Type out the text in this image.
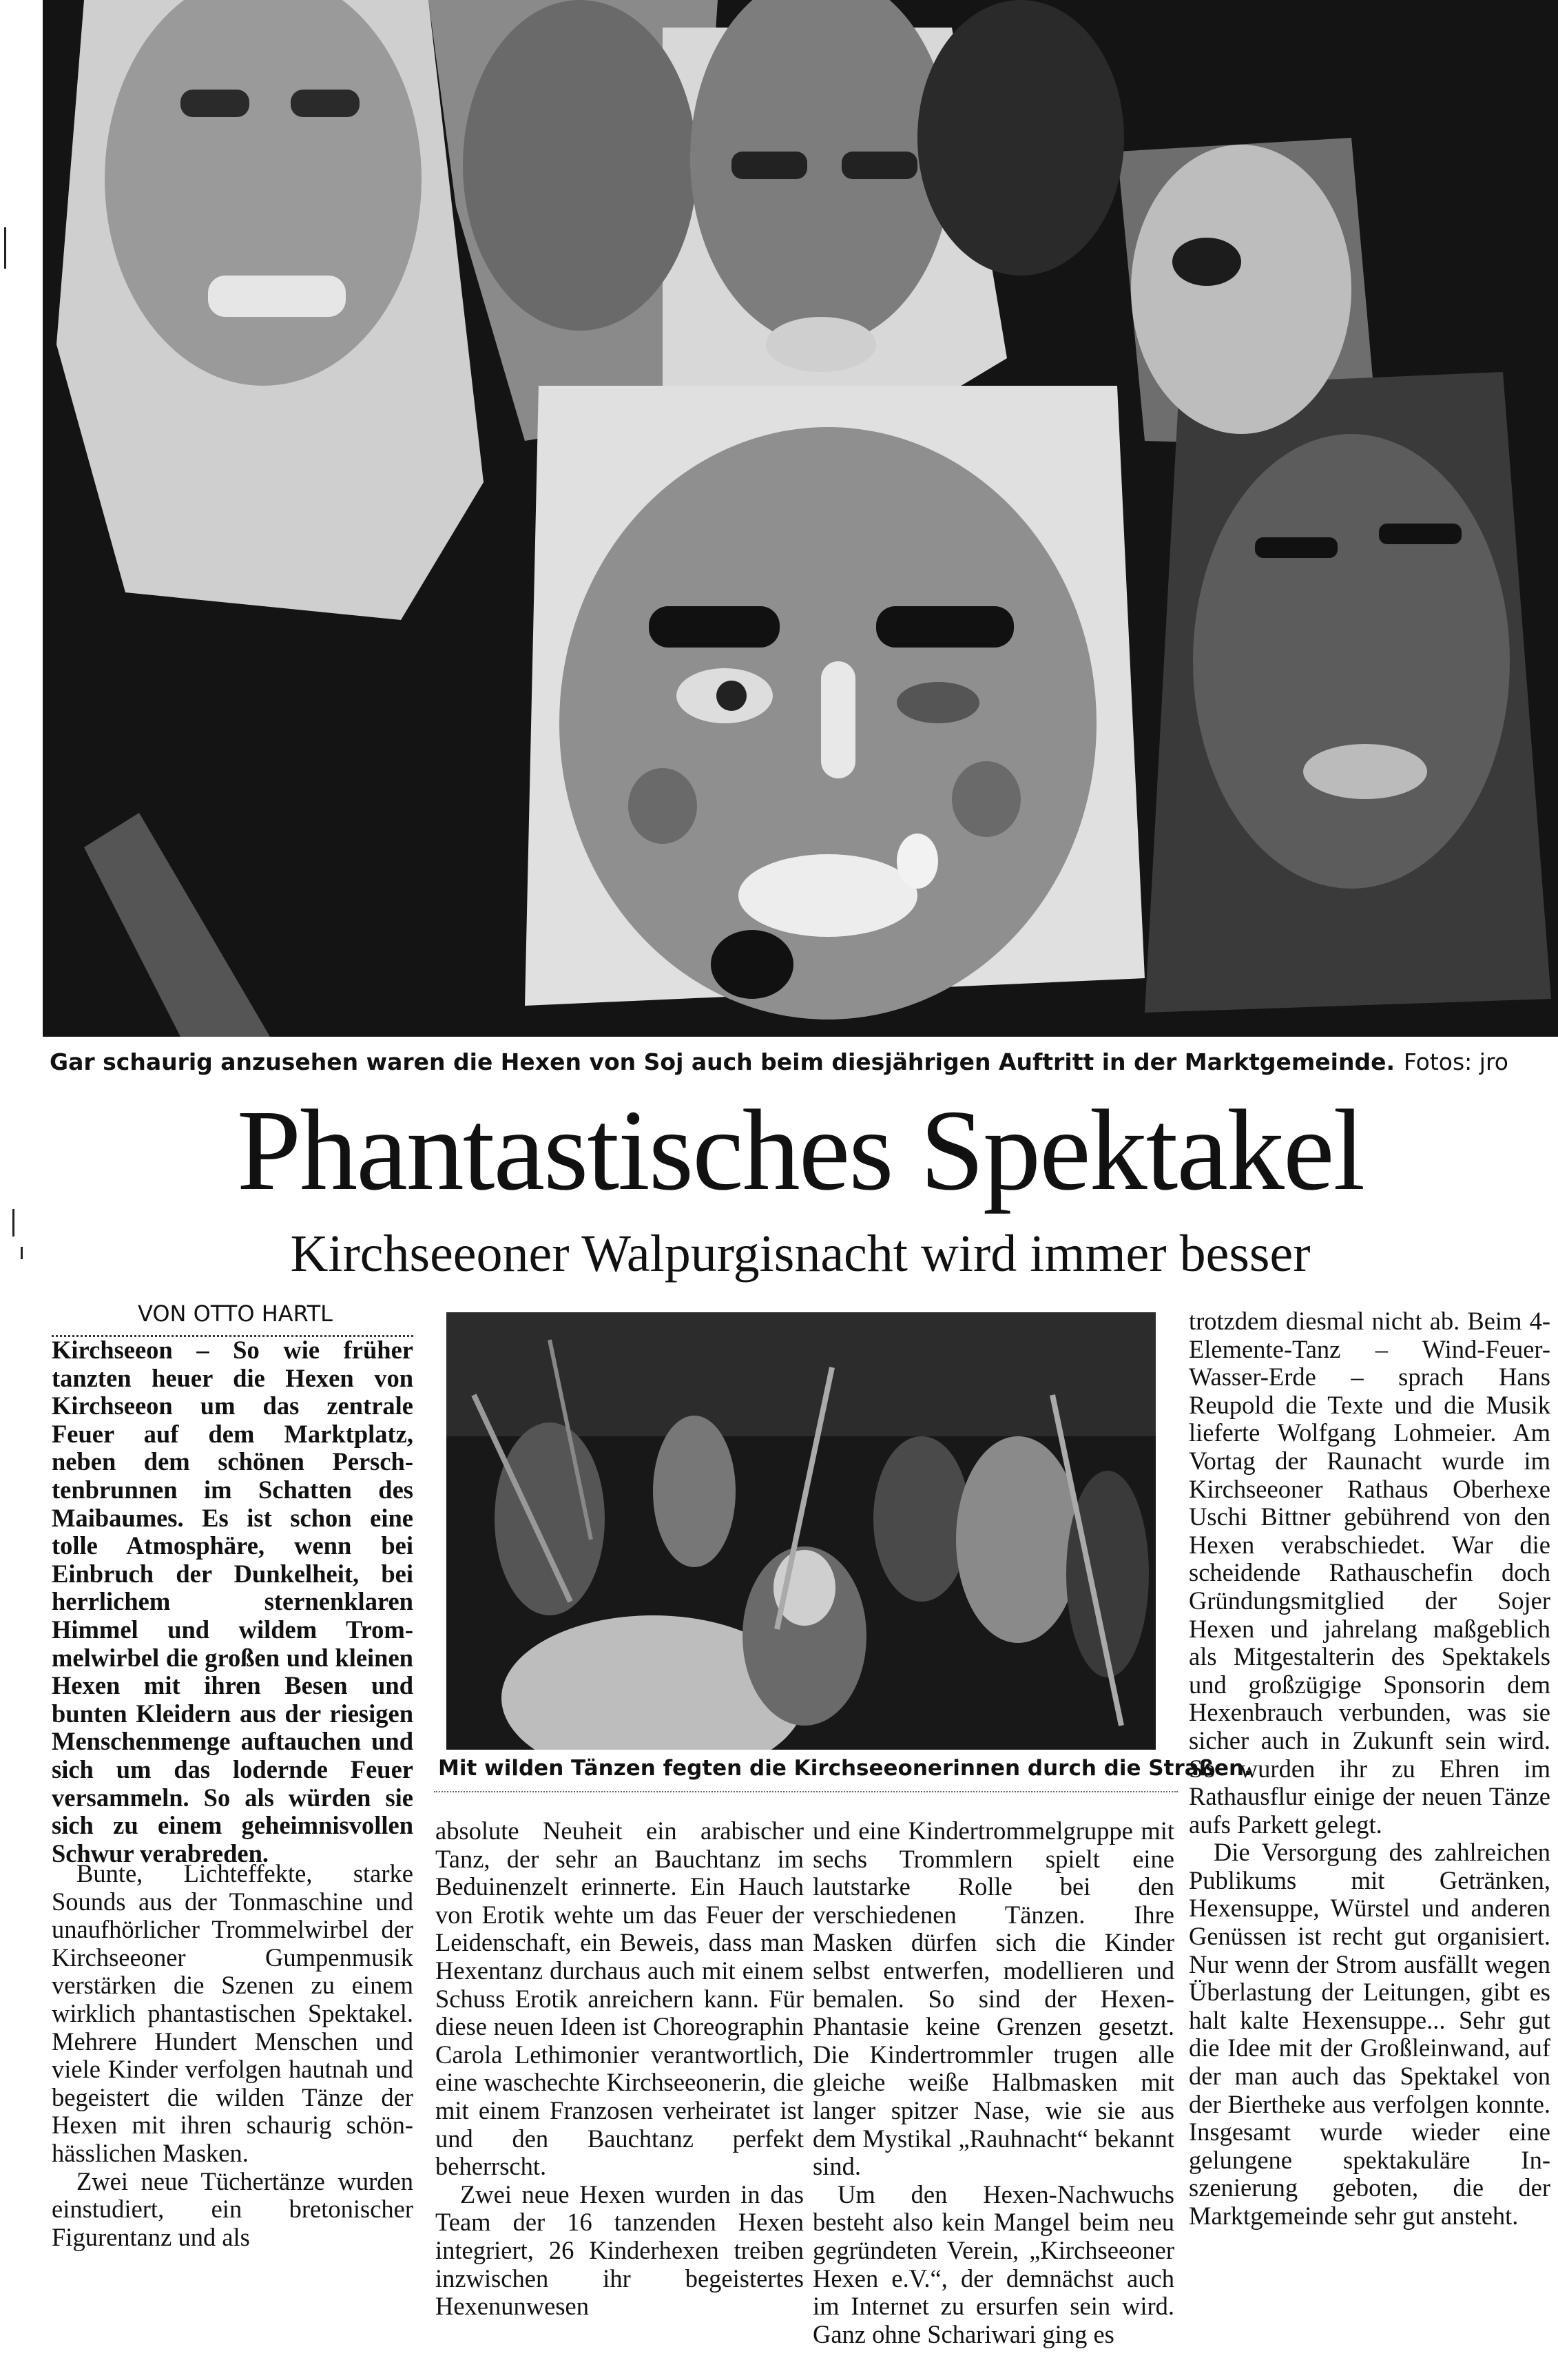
Gar schaurig anzusehen waren die Hexen von Soj auch beim diesjährigen Auftritt in der Marktgemeinde. Fotos: jro
Phantastisches Spektakel
Kirchseeoner Walpurgisnacht wird immer besser
VON OTTO HARTL

Kirchseeon – So wie früher tanzten heuer die Hexen von Kirchseeon um das zentrale Feuer auf dem Marktplatz, neben dem schönen Perschtenbrunnen im Schatten des Maibaumes. Es ist schon eine tolle Atmosphäre, wenn bei Einbruch der Dunkelheit, bei herrlichem sternenklaren Himmel und wildem Trommelwirbel die großen und kleinen Hexen mit ihren Besen und bunten Kleidern aus der riesigen Menschenmenge auftauchen und sich um das lodernde Feuer versammeln. So als würden sie sich zu einem geheimnisvollen Schwur verabreden.

Bunte, Lichteffekte, starke Sounds aus der Tonmaschine und unaufhörlicher Trommelwirbel der Kirchseeoner Gumpenmusik verstärken die Szenen zu einem wirklich phantastischen Spektakel. Mehrere Hundert Menschen und viele Kinder verfolgen hautnah und begeistert die wilden Tänze der Hexen mit ihren schaurig schön-hässlichen Masken.

Zwei neue Tüchertänze wurden einstudiert, ein bretonischer Figurentanz und als

Mit wilden Tänzen fegten die Kirchseeonerinnen durch die Straßen.

absolute Neuheit ein arabischer Tanz, der sehr an Bauchtanz im Beduinenzelt erinnerte. Ein Hauch von Erotik wehte um das Feuer der Leidenschaft, ein Beweis, dass man Hexentanz durchaus auch mit einem Schuss Erotik anreichern kann. Für diese neuen Ideen ist Choreographin Carola Lethimonier verantwortlich, eine waschechte Kirchseeonerin, die mit einem Franzosen verheiratet ist und den Bauchtanz perfekt beherrscht.

Zwei neue Hexen wurden in das Team der 16 tanzenden Hexen integriert, 26 Kinderhexen treiben inzwischen ihr begeistertes Hexenunwesen

und eine Kindertrommelgruppe mit sechs Trommlern spielt eine lautstarke Rolle bei den verschiedenen Tänzen. Ihre Masken dürfen sich die Kinder selbst entwerfen, modellieren und bemalen. So sind der Hexen-Phantasie keine Grenzen gesetzt. Die Kindertrommler trugen alle gleiche weiße Halbmasken mit langer spitzer Nase, wie sie aus dem Mystikal „Rauhnacht“ bekannt sind.

Um den Hexen-Nachwuchs besteht also kein Mangel beim neu gegründeten Verein, „Kirchseeoner Hexen e.V.“, der demnächst auch im Internet zu ersurfen sein wird. Ganz ohne Schariwari ging es

trotzdem diesmal nicht ab. Beim 4-Elemente-Tanz – Wind-Feuer-Wasser-Erde – sprach Hans Reupold die Texte und die Musik lieferte Wolfgang Lohmeier. Am Vortag der Raunacht wurde im Kirchseeoner Rathaus Oberhexe Uschi Bittner gebührend von den Hexen verabschiedet. War die scheidende Rathauschefin doch Gründungsmitglied der Sojer Hexen und jahrelang maßgeblich als Mitgestalterin des Spektakels und großzügige Sponsorin dem Hexenbrauch verbunden, was sie sicher auch in Zukunft sein wird. So wurden ihr zu Ehren im Rathausflur einige der neuen Tänze aufs Parkett gelegt.

Die Versorgung des zahlreichen Publikums mit Getränken, Hexensuppe, Würstel und anderen Genüssen ist recht gut organisiert. Nur wenn der Strom ausfällt wegen Überlastung der Leitungen, gibt es halt kalte Hexensuppe... Sehr gut die Idee mit der Großleinwand, auf der man auch das Spektakel von der Biertheke aus verfolgen konnte. Insgesamt wurde wieder eine gelungene spektakuläre Inszenierung geboten, die der Marktgemeinde sehr gut ansteht.
